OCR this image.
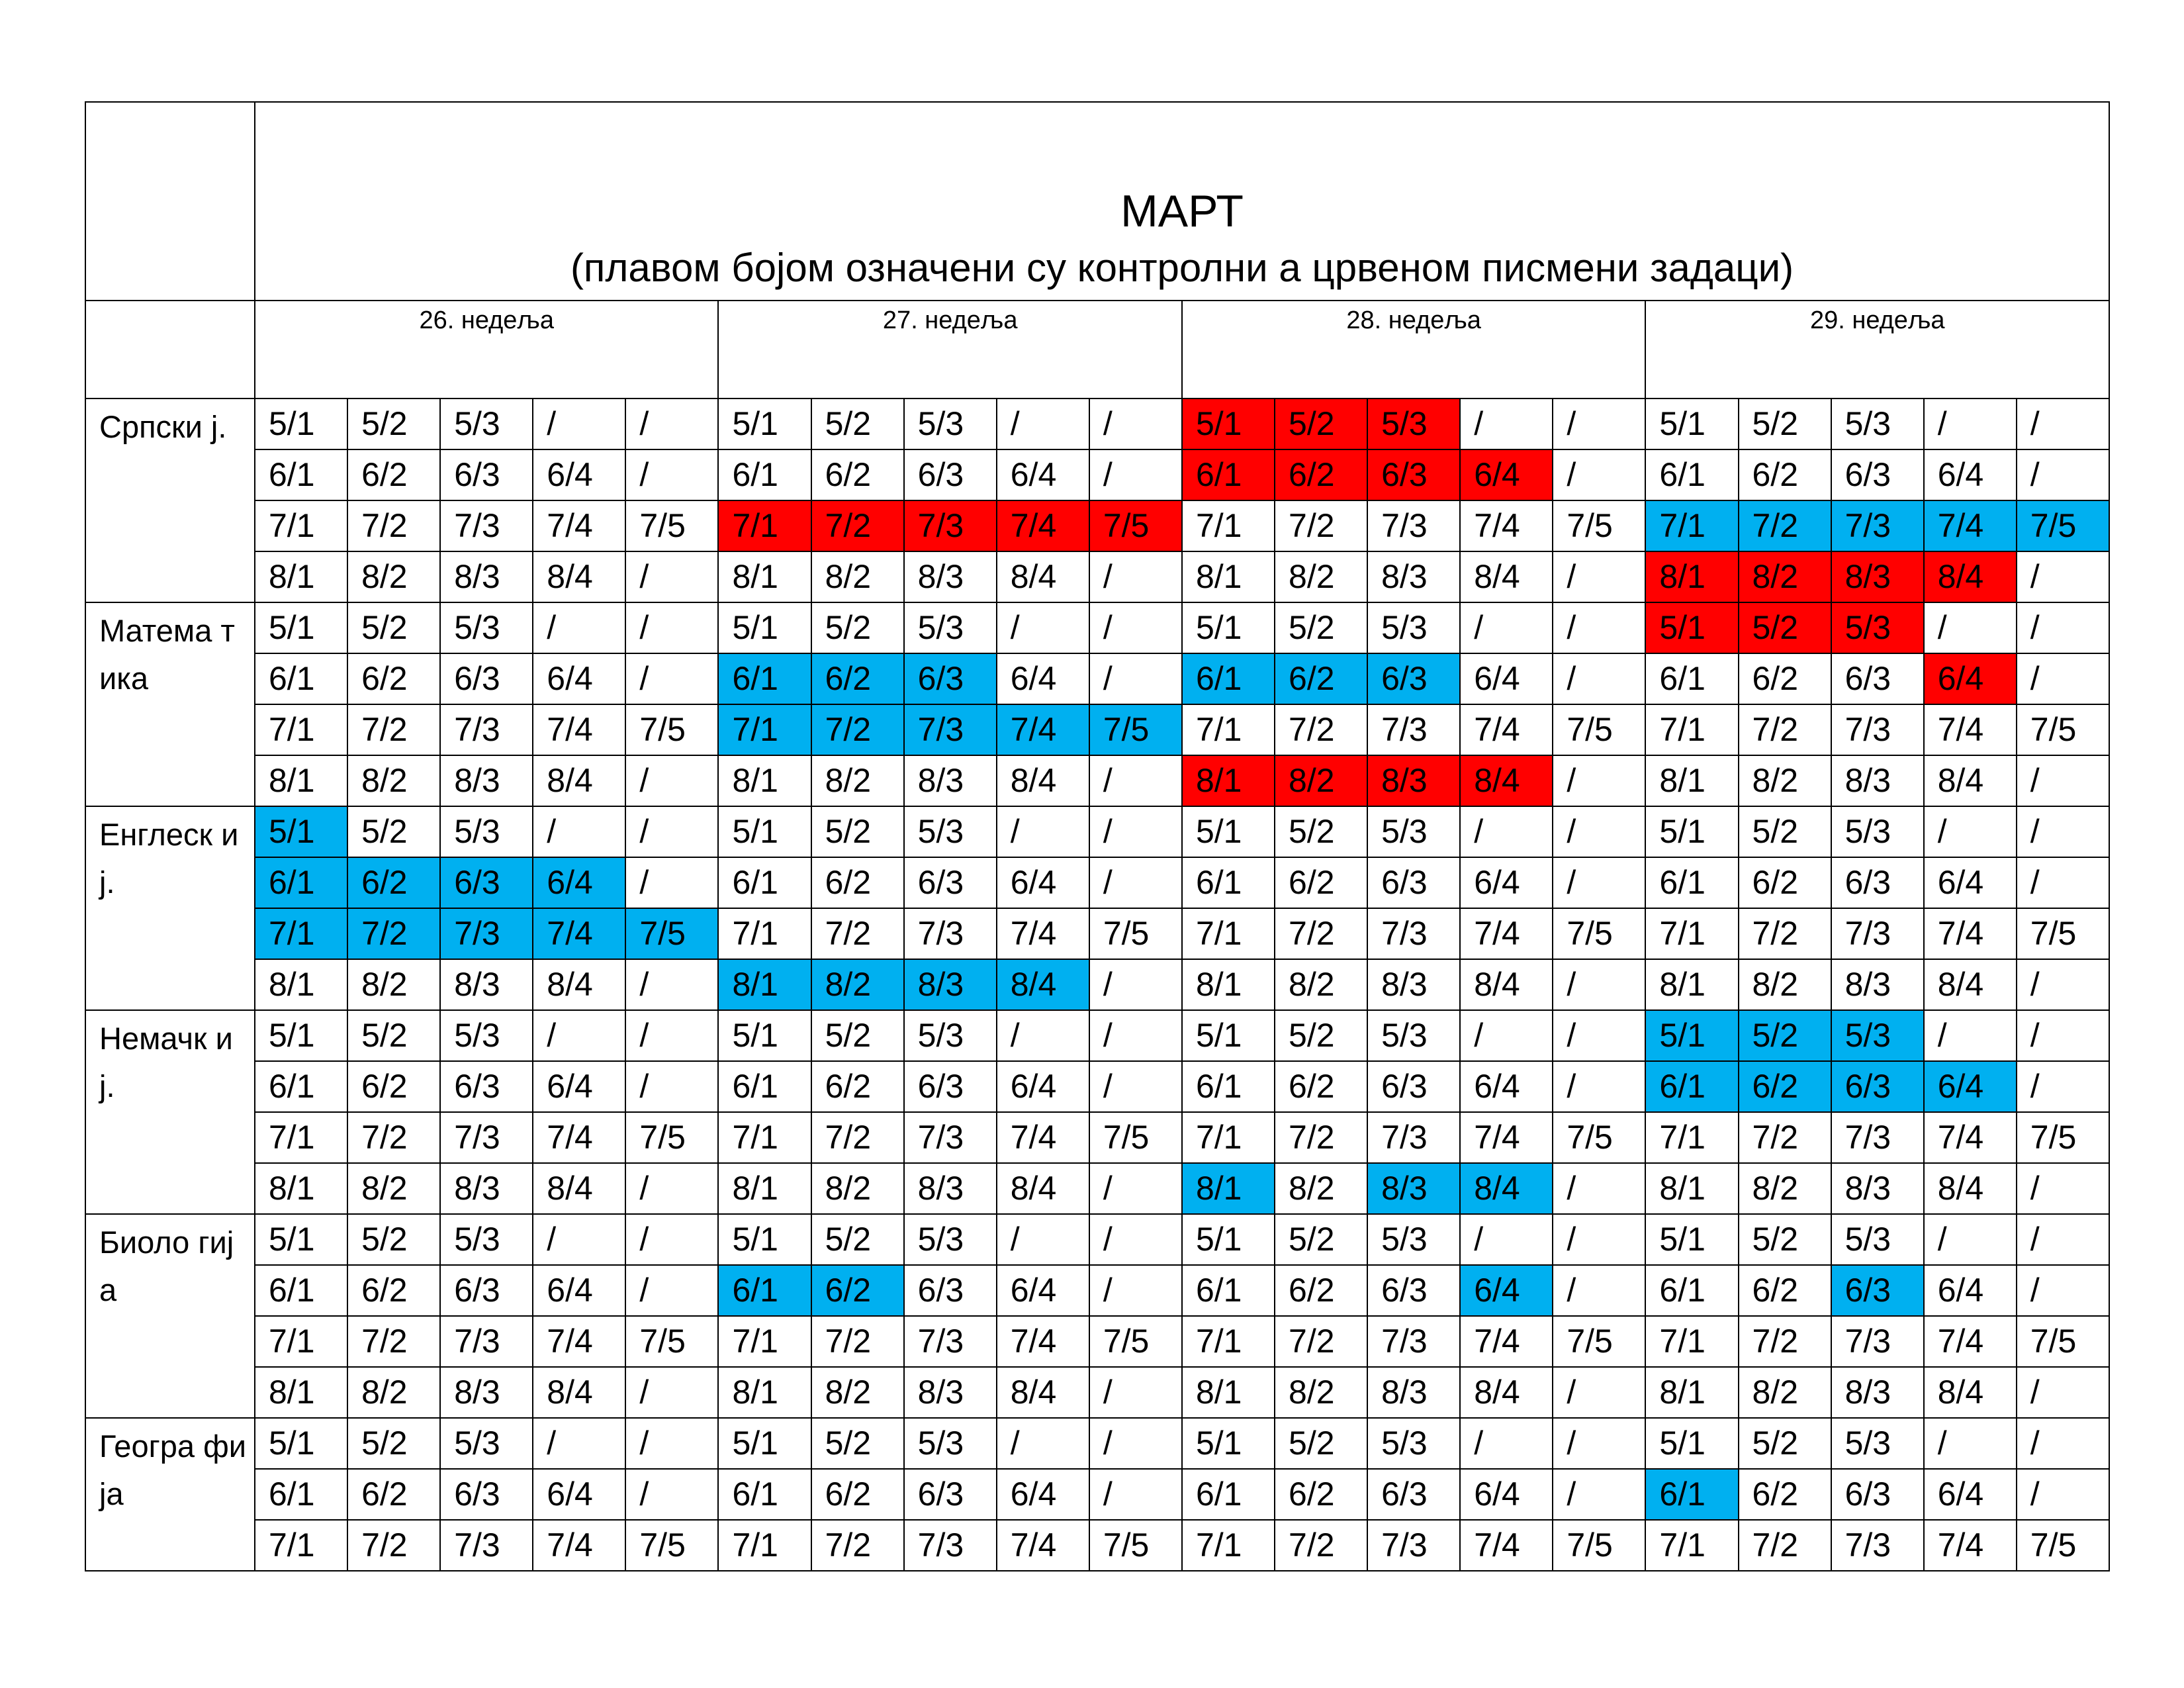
	МАРТ
(плавом бојом означени су контролни а црвеном писмени задаци)																			

	26. недеља					27. недеља					28. недеља					29. недеља				
Српски ј.	5/1	5/2	5/3	/	/	5/1	5/2	5/3	/	/	5/1	5/2	5/3	/	/	5/1	5/2	5/3	/	/
	6/1	6/2	6/3	6/4	/	6/1	6/2	6/3	6/4	/	6/1	6/2	6/3	6/4	/	6/1	6/2	6/3	6/4	/
	7/1	7/2	7/3	7/4	7/5	7/1	7/2	7/3	7/4	7/5	7/1	7/2	7/3	7/4	7/5	7/1	7/2	7/3	7/4	7/5
	8/1	8/2	8/3	8/4	/	8/1	8/2	8/3	8/4	/	8/1	8/2	8/3	8/4	/	8/1	8/2	8/3	8/4	/
Матема тика	5/1	5/2	5/3	/	/	5/1	5/2	5/3	/	/	5/1	5/2	5/3	/	/	5/1	5/2	5/3	/	/
	6/1	6/2	6/3	6/4	/	6/1	6/2	6/3	6/4	/	6/1	6/2	6/3	6/4	/	6/1	6/2	6/3	6/4	/
	7/1	7/2	7/3	7/4	7/5	7/1	7/2	7/3	7/4	7/5	7/1	7/2	7/3	7/4	7/5	7/1	7/2	7/3	7/4	7/5
	8/1	8/2	8/3	8/4	/	8/1	8/2	8/3	8/4	/	8/1	8/2	8/3	8/4	/	8/1	8/2	8/3	8/4	/
Енглеск и ј.	5/1	5/2	5/3	/	/	5/1	5/2	5/3	/	/	5/1	5/2	5/3	/	/	5/1	5/2	5/3	/	/
	6/1	6/2	6/3	6/4	/	6/1	6/2	6/3	6/4	/	6/1	6/2	6/3	6/4	/	6/1	6/2	6/3	6/4	/
	7/1	7/2	7/3	7/4	7/5	7/1	7/2	7/3	7/4	7/5	7/1	7/2	7/3	7/4	7/5	7/1	7/2	7/3	7/4	7/5
	8/1	8/2	8/3	8/4	/	8/1	8/2	8/3	8/4	/	8/1	8/2	8/3	8/4	/	8/1	8/2	8/3	8/4	/
Немачк и ј.	5/1	5/2	5/3	/	/	5/1	5/2	5/3	/	/	5/1	5/2	5/3	/	/	5/1	5/2	5/3	/	/
	6/1	6/2	6/3	6/4	/	6/1	6/2	6/3	6/4	/	6/1	6/2	6/3	6/4	/	6/1	6/2	6/3	6/4	/
	7/1	7/2	7/3	7/4	7/5	7/1	7/2	7/3	7/4	7/5	7/1	7/2	7/3	7/4	7/5	7/1	7/2	7/3	7/4	7/5
	8/1	8/2	8/3	8/4	/	8/1	8/2	8/3	8/4	/	8/1	8/2	8/3	8/4	/	8/1	8/2	8/3	8/4	/
Биоло гија	5/1	5/2	5/3	/	/	5/1	5/2	5/3	/	/	5/1	5/2	5/3	/	/	5/1	5/2	5/3	/	/
	6/1	6/2	6/3	6/4	/	6/1	6/2	6/3	6/4	/	6/1	6/2	6/3	6/4	/	6/1	6/2	6/3	6/4	/
	7/1	7/2	7/3	7/4	7/5	7/1	7/2	7/3	7/4	7/5	7/1	7/2	7/3	7/4	7/5	7/1	7/2	7/3	7/4	7/5
	8/1	8/2	8/3	8/4	/	8/1	8/2	8/3	8/4	/	8/1	8/2	8/3	8/4	/	8/1	8/2	8/3	8/4	/
Геогра фија	5/1	5/2	5/3	/	/	5/1	5/2	5/3	/	/	5/1	5/2	5/3	/	/	5/1	5/2	5/3	/	/
	6/1	6/2	6/3	6/4	/	6/1	6/2	6/3	6/4	/	6/1	6/2	6/3	6/4	/	6/1	6/2	6/3	6/4	/
	7/1	7/2	7/3	7/4	7/5	7/1	7/2	7/3	7/4	7/5	7/1	7/2	7/3	7/4	7/5	7/1	7/2	7/3	7/4	7/5
